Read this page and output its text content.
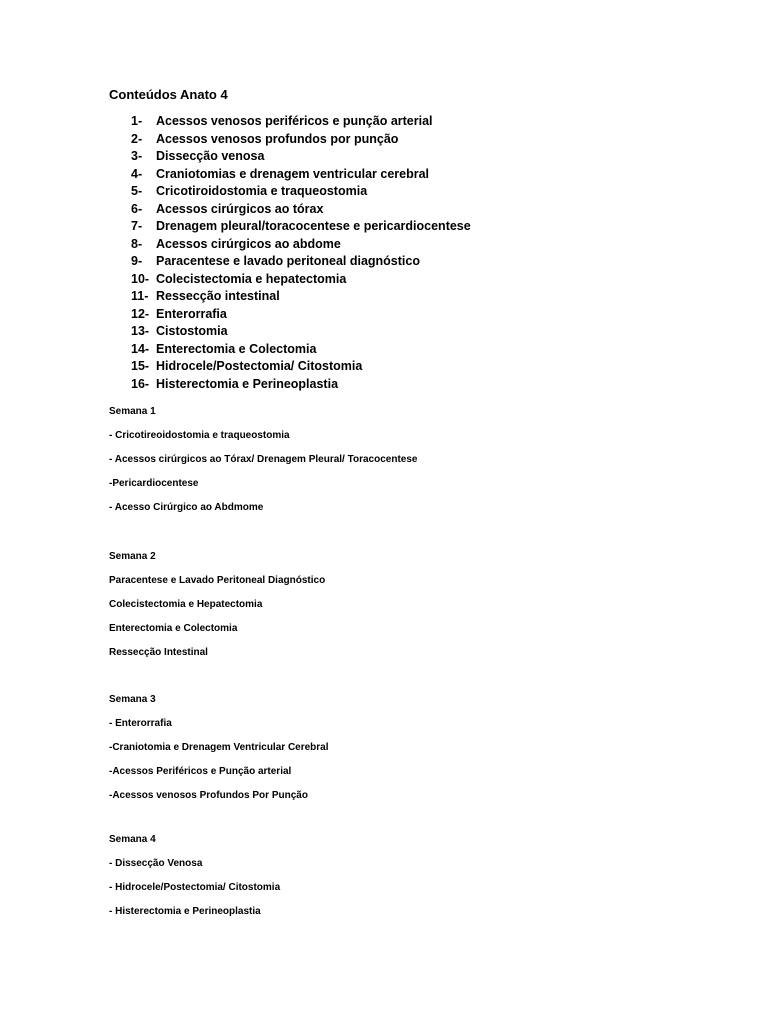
Conteúdos Anato 4
1-	Acessos venosos periféricos e punção arterial
2-	Acessos venosos profundos por punção
3-	Dissecção venosa
4-	Craniotomias e drenagem ventricular cerebral
5-	Cricotiroidostomia e traqueostomia
6-	Acessos cirúrgicos ao tórax
7-	Drenagem pleural/toracocentese e pericardiocentese
8-	Acessos cirúrgicos ao abdome
9-	Paracentese e lavado peritoneal diagnóstico
10- Colecistectomia e hepatectomia
11- Ressecção intestinal
12- Enterorrafia
13- Cistostomia
14- Enterectomia e Colectomia
15- Hidrocele/Postectomia/ Citostomia
16- Histerectomia e Perineoplastia
Semana 1
- Cricotireoidostomia e traqueostomia
- Acessos cirúrgicos ao Tórax/ Drenagem Pleural/ Toracocentese
-Pericardiocentese
- Acesso Cirúrgico ao Abdmome
Semana 2
Paracentese e Lavado Peritoneal Diagnóstico
Colecistectomia e Hepatectomia
Enterectomia e Colectomia
Ressecção Intestinal
Semana 3
- Enterorrafia
-Craniotomia e Drenagem Ventricular Cerebral
-Acessos Periféricos e Punção arterial
-Acessos venosos Profundos Por Punção
Semana 4
- Dissecção Venosa
- Hidrocele/Postectomia/ Citostomia
- Histerectomia e Perineoplastia
